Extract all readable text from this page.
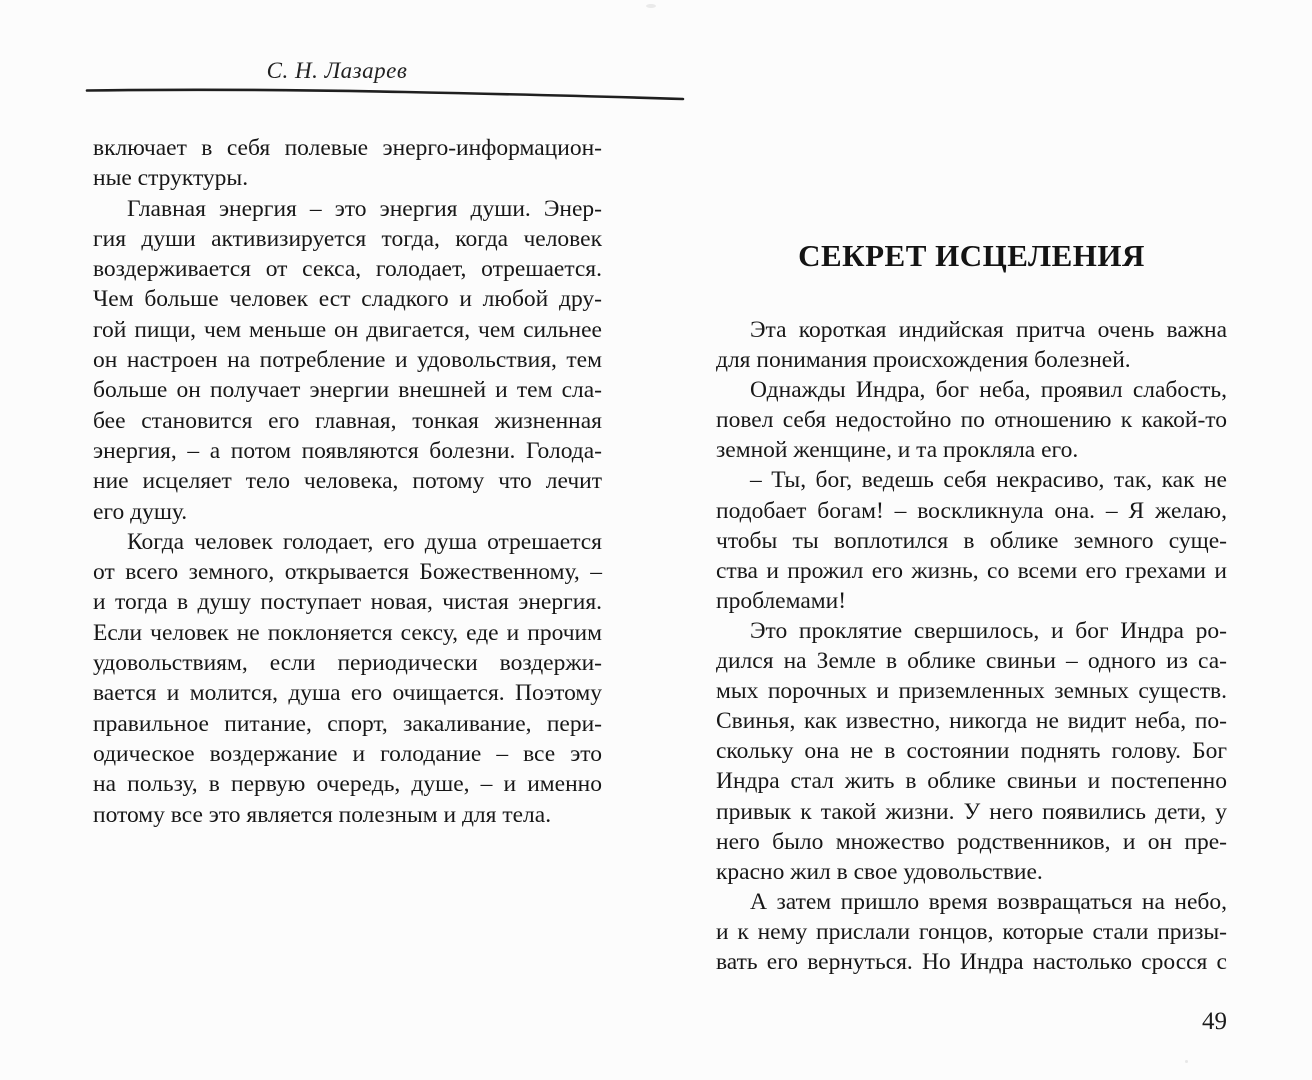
С. Н. Лазарев
включает в себя полевые энерго-информацион-
ные структуры.
Главная энергия – это энергия души. Энер-
гия души активизируется тогда, когда человек
воздерживается от секса, голодает, отрешается.
Чем больше человек ест сладкого и любой дру-
гой пищи, чем меньше он двигается, чем сильнее
он настроен на потребление и удовольствия, тем
больше он получает энергии внешней и тем сла-
бее становится его главная, тонкая жизненная
энергия, – а потом появляются болезни. Голода-
ние исцеляет тело человека, потому что лечит
его душу.
Когда человек голодает, его душа отрешается
от всего земного, открывается Божественному, –
и тогда в душу поступает новая, чистая энергия.
Если человек не поклоняется сексу, еде и прочим
удовольствиям, если периодически воздержи-
вается и молится, душа его очищается. Поэтому
правильное питание, спорт, закаливание, пери-
одическое воздержание и голодание – все это
на пользу, в первую очередь, душе, – и именно
потому все это является полезным и для тела.
СЕКРЕТ ИСЦЕЛЕНИЯ
Эта короткая индийская притча очень важна
для понимания происхождения болезней.
Однажды Индра, бог неба, проявил слабость,
повел себя недостойно по отношению к какой-то
земной женщине, и та прокляла его.
– Ты, бог, ведешь себя некрасиво, так, как не
подобает богам! – воскликнула она. – Я желаю,
чтобы ты воплотился в облике земного суще-
ства и прожил его жизнь, со всеми его грехами и
проблемами!
Это проклятие свершилось, и бог Индра ро-
дился на Земле в облике свиньи – одного из са-
мых порочных и приземленных земных существ.
Свинья, как известно, никогда не видит неба, по-
скольку она не в состоянии поднять голову. Бог
Индра стал жить в облике свиньи и постепенно
привык к такой жизни. У него появились дети, у
него было множество родственников, и он пре-
красно жил в свое удовольствие.
А затем пришло время возвращаться на небо,
и к нему прислали гонцов, которые стали призы-
вать его вернуться. Но Индра настолько сросся с
49
